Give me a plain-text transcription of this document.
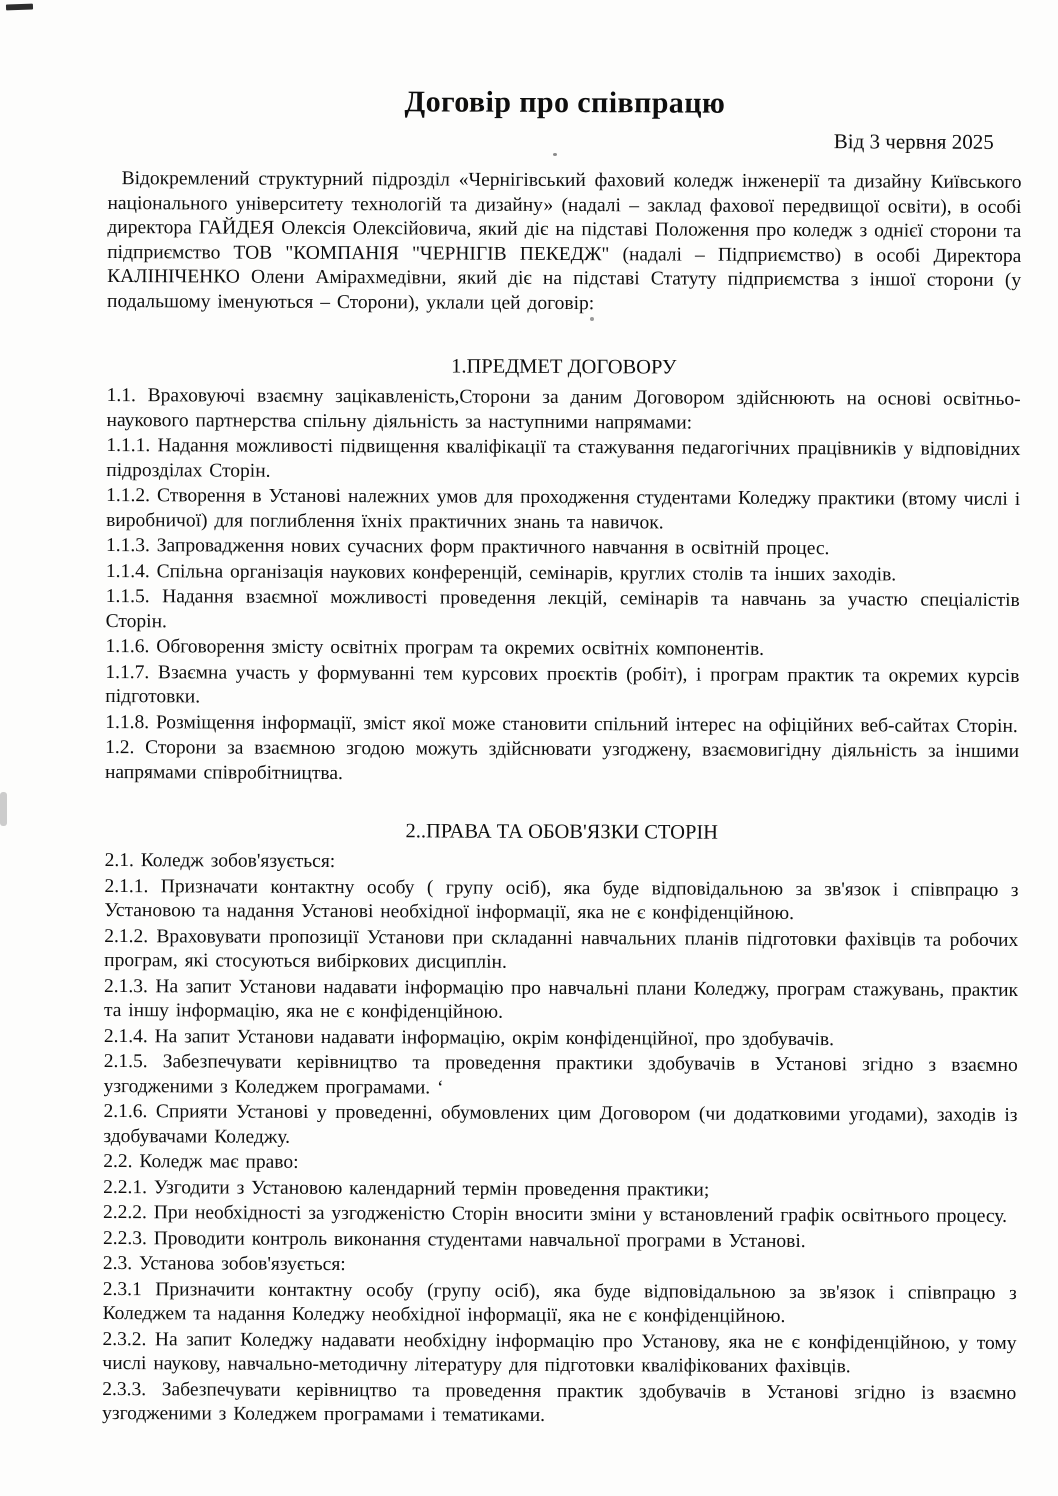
Договір про співпрацю
Від 3 червня 2025

Відокремлений структурний підрозділ «Чернігівський фаховий коледж інженерії та дизайну Київського національного університету технологій та дизайну» (надалі – заклад фахової передвищої освіти), в особі директора ГАЙДЕЯ Олексія Олексійовича, який діє на підставі Положення про коледж з однієї сторони та підприємство ТОВ "КОМПАНІЯ "ЧЕРНІГІВ ПЕКЕДЖ" (надалі – Підприємство) в особі Директора КАЛІНІЧЕНКО Олени Амірахмедівни, який діє на підставі Статуту підприємства з іншої сторони (у подальшому іменуються – Сторони), уклали цей договір:

1.ПРЕДМЕТ ДОГОВОРУ

1.1. Враховуючі взаємну зацікавленість,Сторони за даним Договором здійснюють на основі освітньо-наукового партнерства спільну діяльність за наступними напрямами:

1.1.1. Надання можливості підвищення кваліфікації та стажування педагогічних працівників у відповідних підрозділах Сторін.

1.1.2. Створення в Установі належних умов для проходження студентами Коледжу практики (втому числі і виробничої) для поглиблення їхніх практичних знань та навичок.

1.1.3. Запровадження нових сучасних форм практичного навчання в освітній процес.

1.1.4. Спільна організація наукових конференцій, семінарів, круглих столів та інших заходів.

1.1.5. Надання взаємної можливості проведення лекцій, семінарів та навчань за участю спеціалістів Сторін.

1.1.6. Обговорення змісту освітніх програм та окремих освітніх компонентів.

1.1.7. Взаємна участь у формуванні тем курсових проєктів (робіт), і програм практик та окремих курсів підготовки.

1.1.8. Розміщення інформації, зміст якої може становити спільний інтерес на офіційних веб-сайтах Сторін.

1.2. Сторони за взаємною згодою можуть здійснювати узгоджену, взаємовигідну діяльність за іншими напрямами співробітництва.

2..ПРАВА ТА ОБОВ'ЯЗКИ СТОРІН

2.1. Коледж зобов'язується:

2.1.1. Призначати контактну особу ( групу осіб), яка буде відповідальною за зв'язок і співпрацю з Установою та надання Установі необхідної інформації, яка не є конфіденційною.

2.1.2. Враховувати пропозиції Установи при складанні навчальних планів підготовки фахівців та робочих програм, які стосуються вибіркових дисциплін.

2.1.3. На запит Установи надавати інформацію про навчальні плани Коледжу, програм стажувань, практик та іншу інформацію, яка не є конфіденційною.

2.1.4. На запит Установи надавати інформацію, окрім конфіденційної, про здобувачів.

2.1.5. Забезпечувати керівництво та проведення практики здобувачів в Установі згідно з взаємно узгодженими з Коледжем програмами. ‘

2.1.6. Сприяти Установі у проведенні, обумовлених цим Договором (чи додатковими угодами), заходів із здобувачами Коледжу.

2.2. Коледж має право:

2.2.1. Узгодити з Установою календарний термін проведення практики;

2.2.2. При необхідності за узгодженістю Сторін вносити зміни у встановлений графік освітнього процесу.

2.2.3. Проводити контроль виконання студентами навчальної програми в Установі.

2.3. Установа зобов'язується:

2.3.1 Призначити контактну особу (групу осіб), яка буде відповідальною за зв'язок і співпрацю з Коледжем та надання Коледжу необхідної інформації, яка не є конфіденційною.

2.3.2. На запит Коледжу надавати необхідну інформацію про Установу, яка не є конфіденційною, у тому числі наукову, навчально-методичну літературу для підготовки кваліфікованих фахівців.

2.3.3. Забезпечувати керівництво та проведення практик здобувачів в Установі згідно із взаємно узгодженими з Коледжем програмами і тематиками.
